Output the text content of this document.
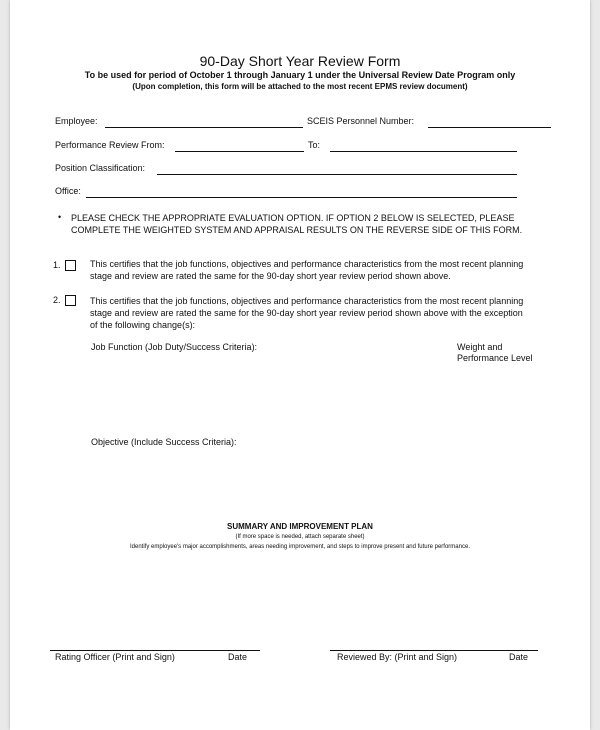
90-Day Short Year Review Form
To be used for period of October 1 through January 1 under the Universal Review Date Program only
(Upon completion, this form will be attached to the most recent EPMS review document)
Employee:	SCEIS Personnel Number:
Performance Review From:	To:
Position Classification:
Office:
• PLEASE CHECK THE APPROPRIATE EVALUATION OPTION. IF OPTION 2 BELOW IS SELECTED, PLEASE COMPLETE THE WEIGHTED SYSTEM AND APPRAISAL RESULTS ON THE REVERSE SIDE OF THIS FORM.
1.	This certifies that the job functions, objectives and performance characteristics from the most recent planning stage and review are rated the same for the 90-day short year review period shown above.
2.	This certifies that the job functions, objectives and performance characteristics from the most recent planning stage and review are rated the same for the 90-day short year review period shown above with the exception of the following change(s):
Job Function (Job Duty/Success Criteria):	Weight and
Performance Level
Objective (Include Success Criteria):
SUMMARY AND IMPROVEMENT PLAN
(If more space is needed, attach separate sheet)
Identify employee's major accomplishments, areas needing improvement, and steps to improve present and future performance.
Rating Officer (Print and Sign)	Date	Reviewed By: (Print and Sign)	Date
